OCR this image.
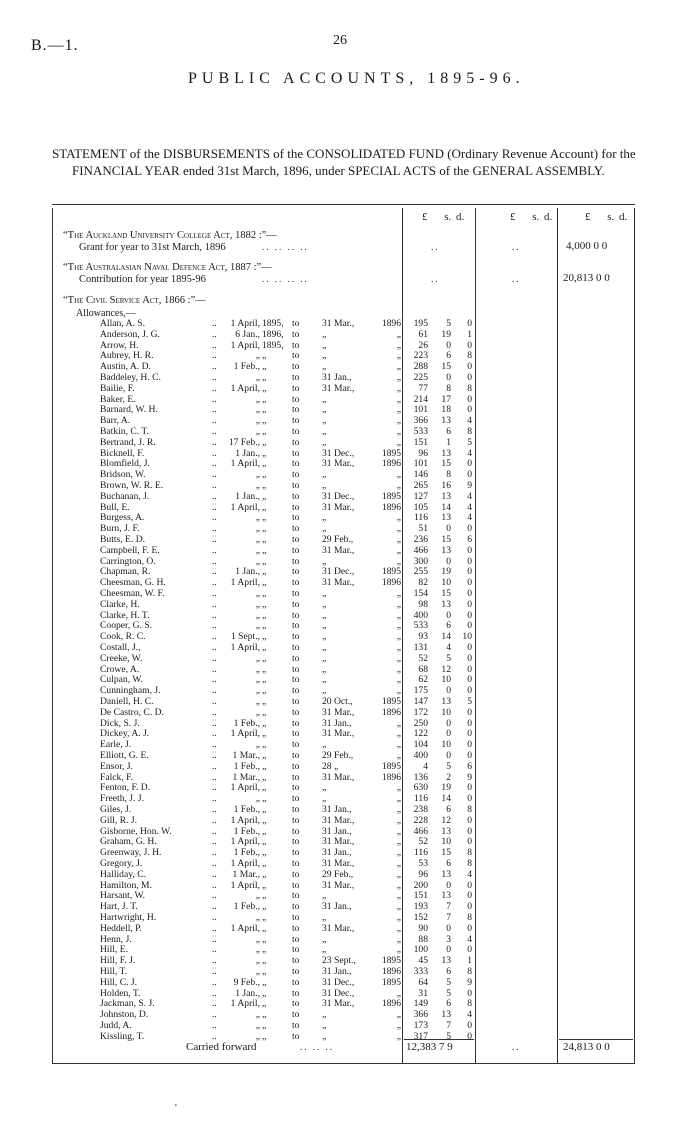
B.—1.	26
PUBLIC ACCOUNTS, 1895-96.

STATEMENT of the DISBURSEMENTS of the CONSOLIDATED FUND (Ordinary Revenue Account) for the FINANCIAL YEAR ended 31st March, 1896, under SPECIAL ACTS of the GENERAL ASSEMBLY.

£ s. d.	£ s. d.	£ s. d.
“The Auckland University College Act, 1882 :”—
Grant for year to 31st March, 1896	.. .. .. ..	..	..	4,000 0 0
“The Australasian Naval Defence Act, 1887 :”—
Contribution for year 1895-96	.. .. .. ..	..	..	20,813 0 0
“The Civil Service Act, 1866 :”—
Allowances,—
..
Allan, A. S.	1 April, 1895, to 31 Mar.,	1896	195	5	0
..
Anderson, J. G.	6 Jan., 1896, to „	„	61	19	1
..
Arrow, H.	1 April, 1895, to „	„	26	0	0
..
Aubrey, H. R.	„ „	to „	„	223	6	8
..
Austin, A. D.	1 Feb., „	to „	„	288	15	0
..
Baddeley, H. C.	„ „	to 31 Jan.,	„	225	0	0
..
Bailie, F.	1 April, „	to 31 Mar.,	„	77	8	8
..
Baker, E.	„ „	to „	„	214	17	0
..
Barnard, W. H.	„ „	to „	„	101	18	0
..
Barr, A.	„ „	to „	„	366	13	4
..
Batkin, C. T.	„ „	to „	„	533	6	8
..
Bertrand, J. R.	17 Feb., „	to „	„	151	1	5
..
Bicknell, F.	1 Jan., „	to 31 Dec.,	1895	96	13	4
..
Blomfield, J.	1 April, „	to 31 Mar.,	1896	101	15	0
..
Bridson, W.	„ „	to „	„	146	8	0
..
Brown, W. R. E.	„ „	to „	„	265	16	9
..
Buchanan, J.	1 Jan., „	to 31 Dec.,	1895	127	13	4
..
Bull, E.	1 April, „	to 31 Mar.,	1896	105	14	4
..
Burgess, A.	„ „	to „	„	116	13	4
..
Burn, J. F.	„ „	to „	„	51	0	0
..
Butts, E. D.	„ „	to 29 Feb.,	„	236	15	6
..
Campbell, F. E.	„ „	to 31 Mar.,	„	466	13	0
..
Carrington, O.	„ „	to „	„	300	0	0
..
Chapman, R.	1 Jan., „	to 31 Dec.,	1895	255	19	0
..
Cheesman, G. H.	1 April, „	to 31 Mar.,	1896	82	10	0
..
Cheesman, W. F.	„ „	to „	„	154	15	0
..
Clarke, H.	„ „	to „	„	98	13	0
..
Clarke, H. T.	„ „	to „	„	400	0	0
..
Cooper, G. S.	„ „	to „	„	533	6	0
..
Cook, R. C.	1 Sept., „	to „	„	93	14	10
..
Costall, J.,	1 April, „	to „	„	131	4	0
..
Creeke, W.	„ „	to „	„	52	5	0
..
Crowe, A.	„ „	to „	„	68	12	0
..
Culpan, W.	„ „	to „	„	62	10	0
..
Cunningham, J.	„ „	to „	„	175	0	0
..
Daniell, H. C.	„ „	to 20 Oct.,	1895	147	13	5
..
De Castro, C. D.	„ „	to 31 Mar.,	1896	172	10	0
..
Dick, S. J.	1 Feb., „	to 31 Jan.,	„	250	0	0
..
Dickey, A. J.	1 April, „	to 31 Mar.,	„	122	0	0
..
Earle, J.	„ „	to „	„	104	10	0
..
Elliott, G. E.	1 Mar., „	to 29 Feb.,	„	400	0	0
..
Ensor, J.	1 Feb., „	to 28 „	1895	4	5	6
..
Falck, F.	1 Mar., „	to 31 Mar.,	1896	136	2	9
..
Fenton, F. D.	1 April, „	to „	„	630	19	0
..
Freeth, J. J.	„ „	to „	„	116	14	0
..
Giles, J.	1 Feb., „	to 31 Jan.,	„	238	6	8
..
Gill, R. J.	1 April, „	to 31 Mar.,	„	228	12	0
..
Gisborne, Hon. W.	1 Feb., „	to 31 Jan.,	„	466	13	0
..
Graham, G. H.	1 April, „	to 31 Mar.,	„	52	10	0
..
Greenway, J. H.	1 Feb., „	to 31 Jan.,	„	116	15	8
..
Gregory, J.	1 April, „	to 31 Mar.,	„	53	6	8
..
Halliday, C.	1 Mar., „	to 29 Feb.,	„	96	13	4
..
Hamilton, M.	1 April, „	to 31 Mar.,	„	200	0	0
..
Harsant, W.	„ „	to „	„	151	13	0
..
Hart, J. T.	1 Feb., „	to 31 Jan.,	„	193	7	0
..
Hartwright, H.	„ „	to „	„	152	7	8
..
Heddell, P.	1 April, „	to 31 Mar.,	„	90	0	0
..
Henn, J.	„ „	to „	„	88	3	4
..
Hill, E.	„ „	to „	„	100	0	0
..
Hill, F. J.	„ „	to 23 Sept.,	1895	45	13	1
..
Hill, T.	„ „	to 31 Jan.,	1896	333	6	8
..
Hill, C. J.	9 Feb., „	to 31 Dec.,	1895	64	5	9
..
Holden, T.	1 Jan., „	to 31 Dec.,	„	31	5	0
..
Jackman, S. J.	1 April, „	to 31 Mar.,	1896	149	6	8
..
Johnston, D.	„ „	to „	„	366	13	4
..
Judd, A.	„ „	to „	„	173	7	0
..
Kissling, T.	„ „	to „	„	317	5	0
Carried forward	.. .. ..	12,383 7 9	..	24,813 0 0
'
